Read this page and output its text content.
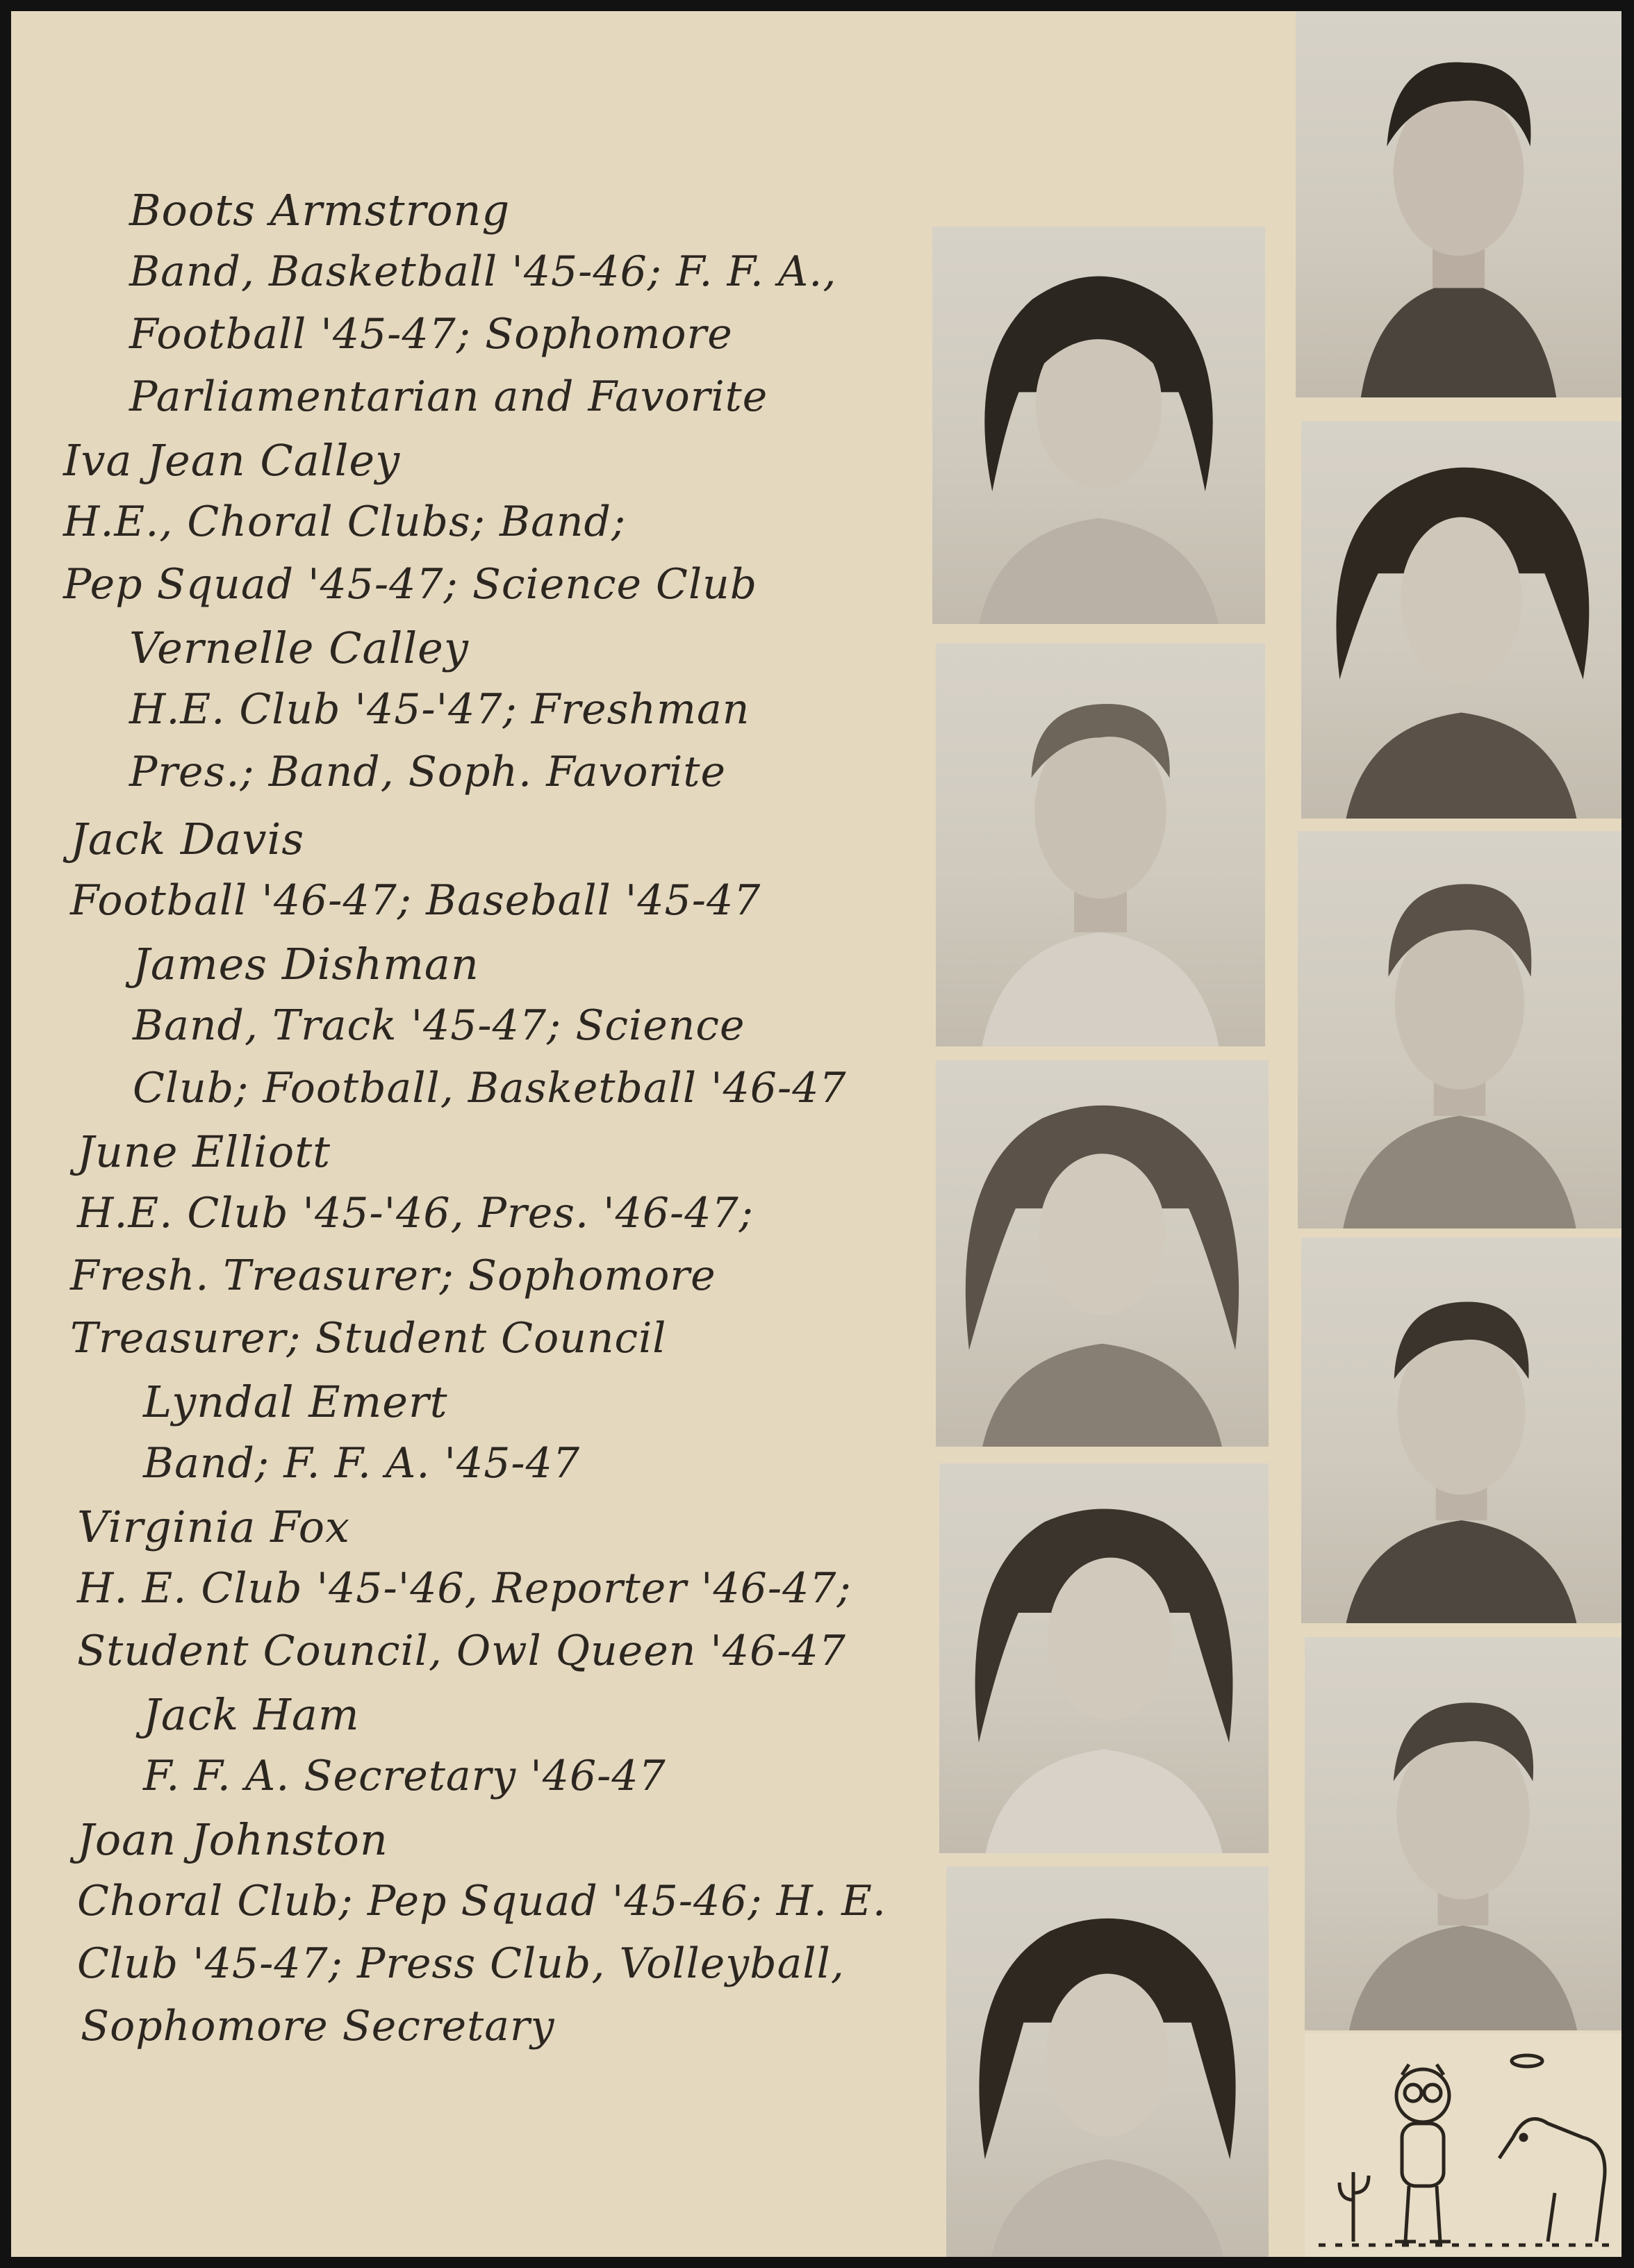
Boots Armstrong
Band, Basketball '45-46; F. F. A.,
Football '45-47; Sophomore
Parliamentarian and Favorite
Iva Jean Calley
H.E., Choral Clubs; Band;
Pep Squad '45-47; Science Club
Vernelle Calley
H.E. Club '45-'47; Freshman
Pres.; Band, Soph. Favorite
Jack Davis
Football '46-47; Baseball '45-47
James Dishman
Band, Track '45-47; Science
Club; Football, Basketball '46-47
June Elliott
H.E. Club '45-'46, Pres. '46-47;
Fresh. Treasurer; Sophomore
Treasurer; Student Council
Lyndal Emert
Band; F. F. A. '45-47
Virginia Fox
H. E. Club '45-'46, Reporter '46-47;
Student Council, Owl Queen '46-47
Jack Ham
F. F. A. Secretary '46-47
Joan Johnston
Choral Club; Pep Squad '45-46; H. E.
Club '45-47; Press Club, Volleyball,
Sophomore Secretary
